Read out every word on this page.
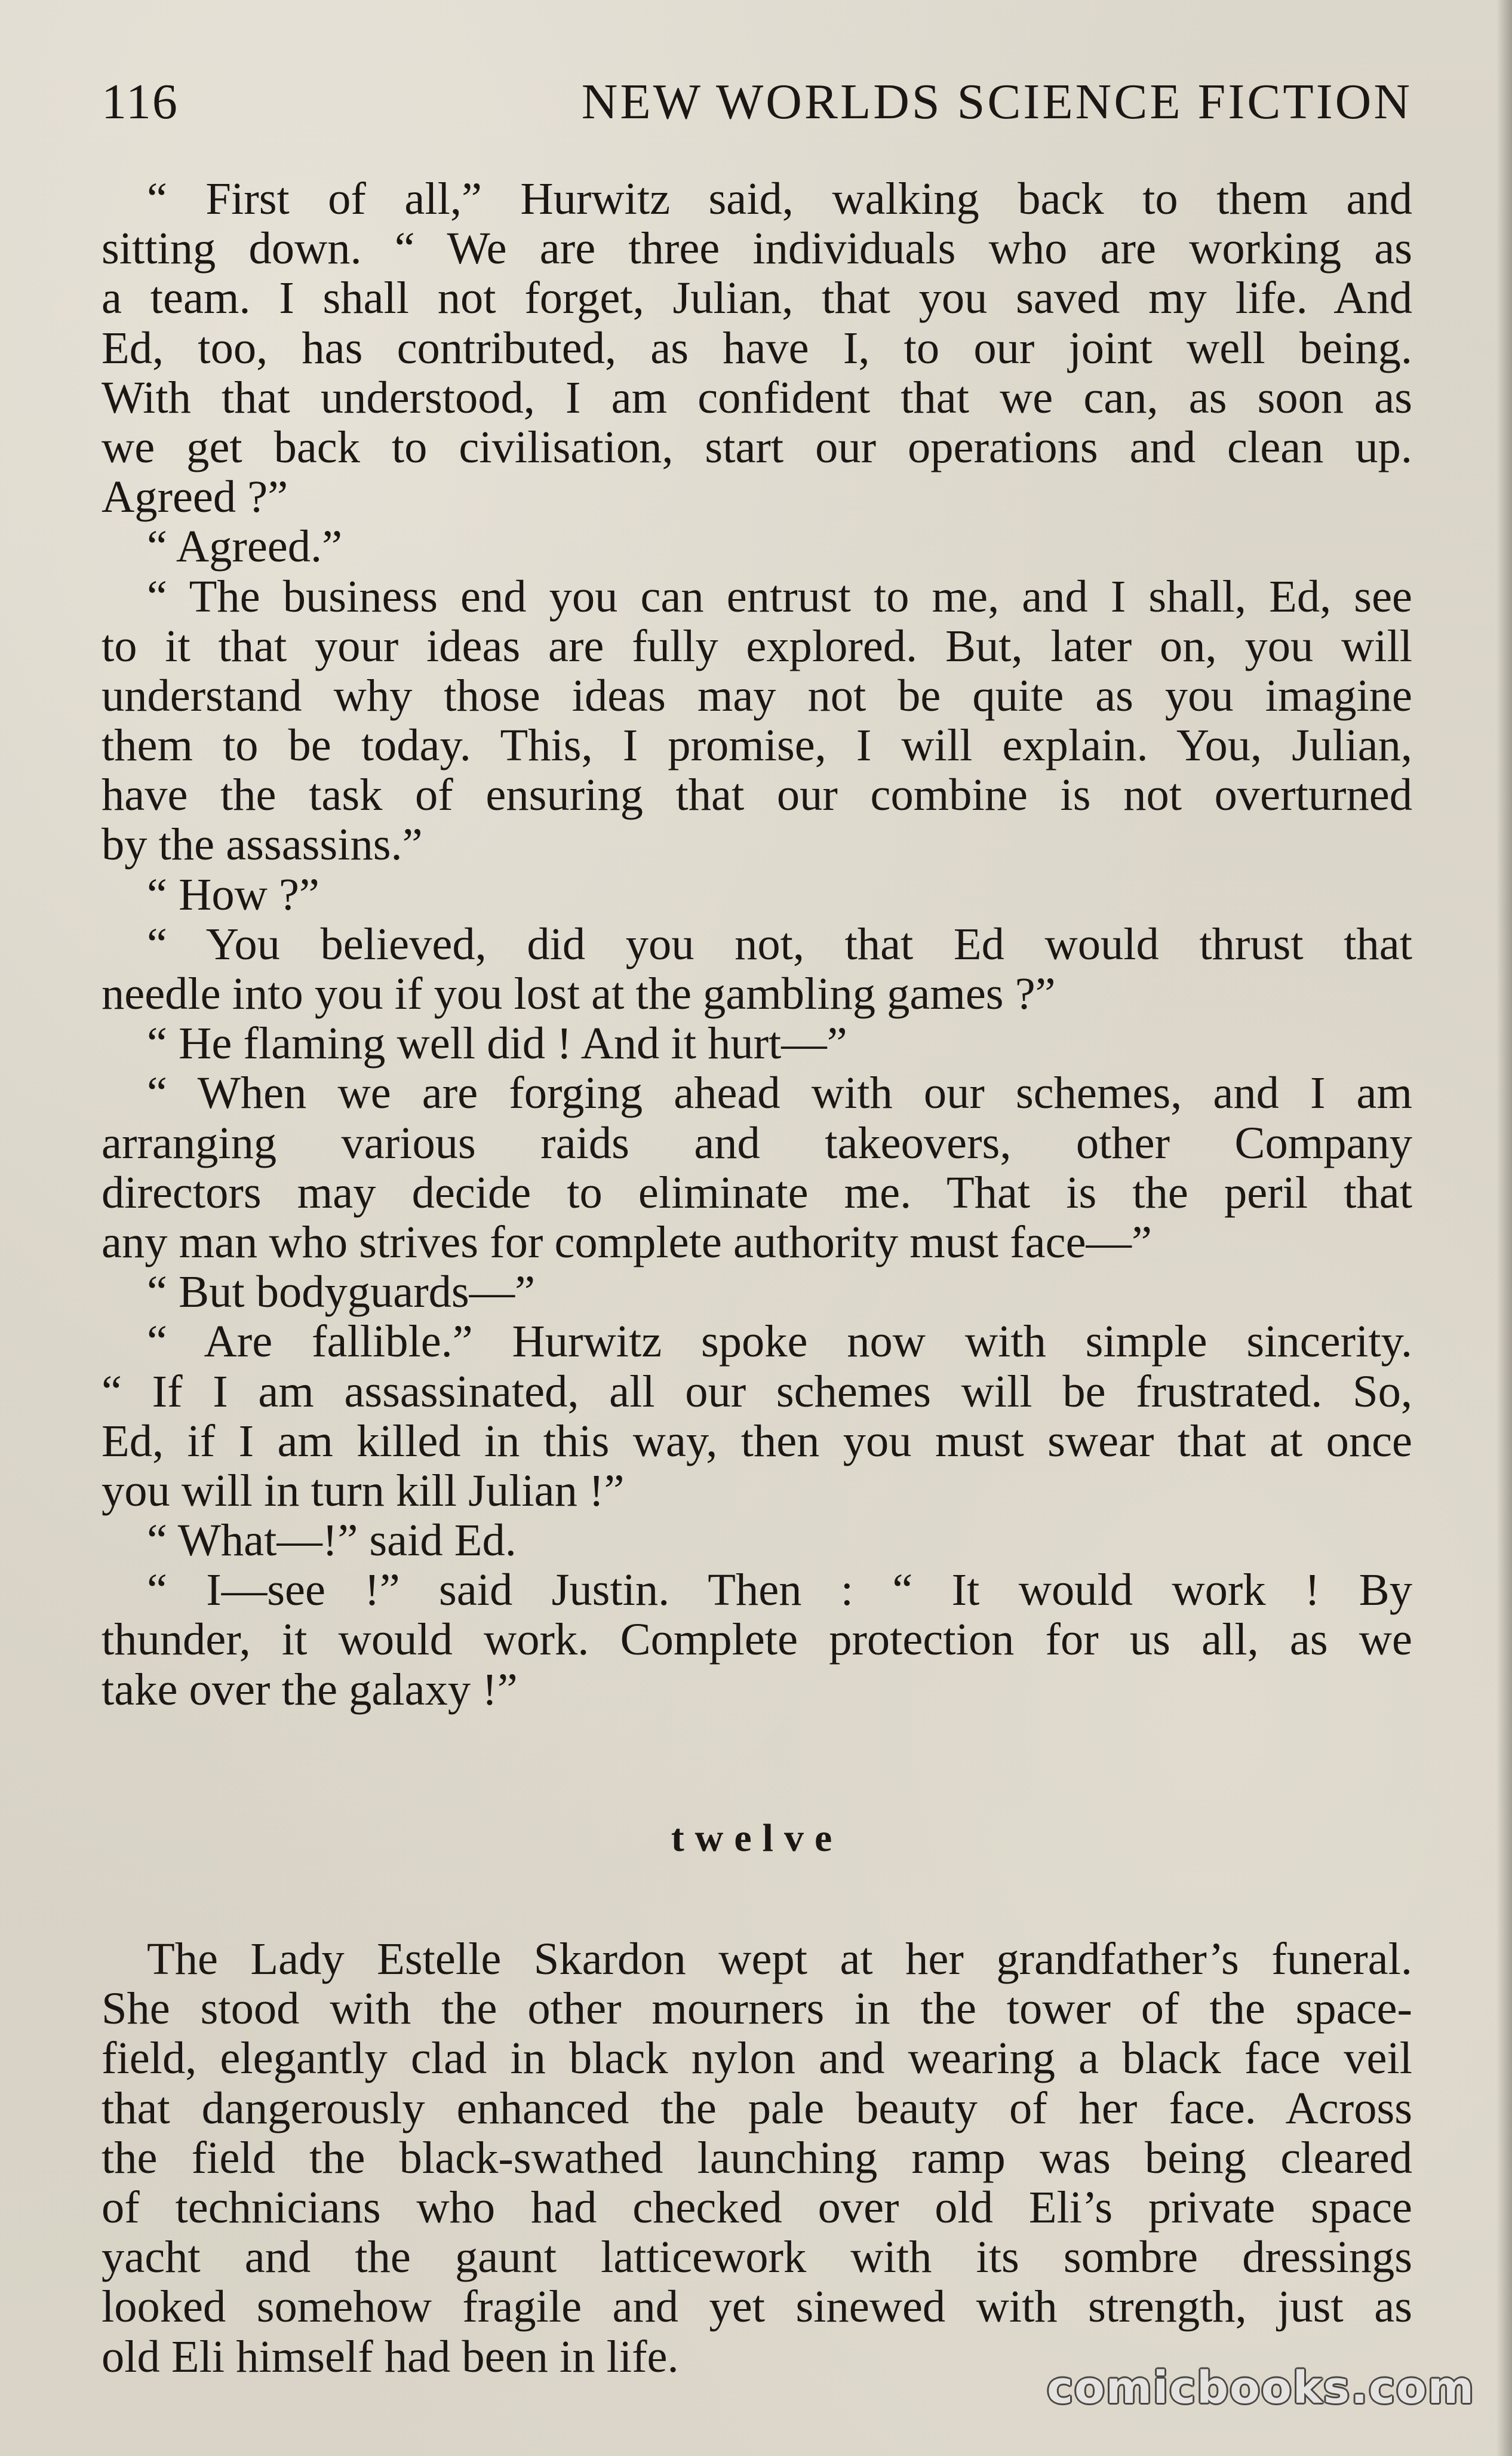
116	NEW WORLDS SCIENCE FICTION
“ First of all,” Hurwitz said, walking back to them and
sitting down. “ We are three individuals who are working as
a team. I shall not forget, Julian, that you saved my life. And
Ed, too, has contributed, as have I, to our joint well being.
With that understood, I am confident that we can, as soon as
we get back to civilisation, start our operations and clean up.
Agreed ?”
“ Agreed.”
“ The business end you can entrust to me, and I shall, Ed, see
to it that your ideas are fully explored. But, later on, you will
understand why those ideas may not be quite as you imagine
them to be today. This, I promise, I will explain. You, Julian,
have the task of ensuring that our combine is not overturned
by the assassins.”
“ How ?”
“ You believed, did you not, that Ed would thrust that
needle into you if you lost at the gambling games ?”
“ He flaming well did ! And it hurt—”
“ When we are forging ahead with our schemes, and I am
arranging various raids and takeovers, other Company
directors may decide to eliminate me. That is the peril that
any man who strives for complete authority must face—”
“ But bodyguards—”
“ Are fallible.” Hurwitz spoke now with simple sincerity.
“ If I am assassinated, all our schemes will be frustrated. So,
Ed, if I am killed in this way, then you must swear that at once
you will in turn kill Julian !”
“ What—!” said Ed.
“ I—see !” said Justin. Then : “ It would work ! By
thunder, it would work. Complete protection for us all, as we
take over the galaxy !”
twelve
The Lady Estelle Skardon wept at her grandfather’s funeral.
She stood with the other mourners in the tower of the space-
field, elegantly clad in black nylon and wearing a black face veil
that dangerously enhanced the pale beauty of her face. Across
the field the black-swathed launching ramp was being cleared
of technicians who had checked over old Eli’s private space
yacht and the gaunt latticework with its sombre dressings
looked somehow fragile and yet sinewed with strength, just as
old Eli himself had been in life.
comicbooks.com
